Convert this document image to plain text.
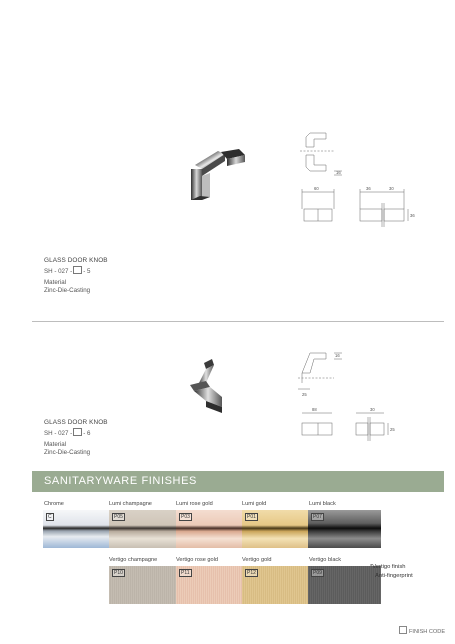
60	36	30
16
36
GLASS DOOR KNOB
SH - 027 - - 5
Material
Zinc-Die-Casting
88
25
30
16
25
GLASS DOOR KNOB
SH - 027 - - 6
Material
Zinc-Die-Casting
SANITARYWARE FINISHES
Chrome	Lumi champagne	Lumi rose gold	Lumi gold	Lumi black
C	P05	P03	P01	P07
Vertigo champagne	Vertigo rose gold	Vertigo gold	Vertigo black
P10	P11	P12	P09
*Vertigo finish
Anti-fingerprint
FINISH CODE
